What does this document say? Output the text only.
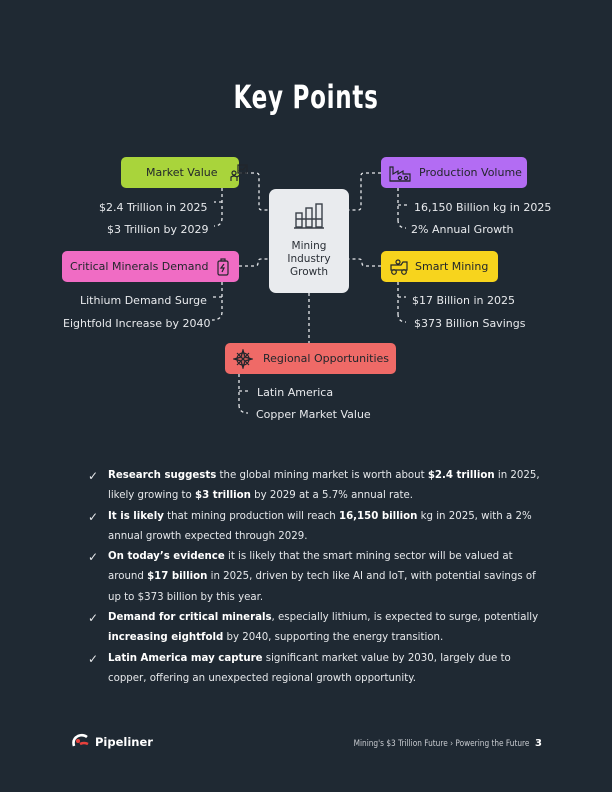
Key Points
Mining
Industry
Growth
Market Value
$2.4 Trillion in 2025
$3 Trillion by 2029
Critical Minerals Demand
Lithium Demand Surge
Eightfold Increase by 2040
Production Volume
16,150 Billion kg in 2025
2% Annual Growth
Smart Mining
$17 Billion in 2025
$373 Billion Savings
Regional Opportunities
Latin America
Copper Market Value
✓ Research suggests the global mining market is worth about $2.4 trillion in 2025, likely growing to $3 trillion by 2029 at a 5.7% annual rate.
✓ It is likely that mining production will reach 16,150 billion kg in 2025, with a 2% annual growth expected through 2029.
✓ On today’s evidence it is likely that the smart mining sector will be valued at around $17 billion in 2025, driven by tech like AI and IoT, with potential savings of up to $373 billion by this year.
✓ Demand for critical minerals, especially lithium, is expected to surge, potentially increasing eightfold by 2040, supporting the energy transition.
✓ Latin America may capture significant market value by 2030, largely due to copper, offering an unexpected regional growth opportunity.
Pipeliner	Mining's $3 Trillion Future › Powering the Future 3
